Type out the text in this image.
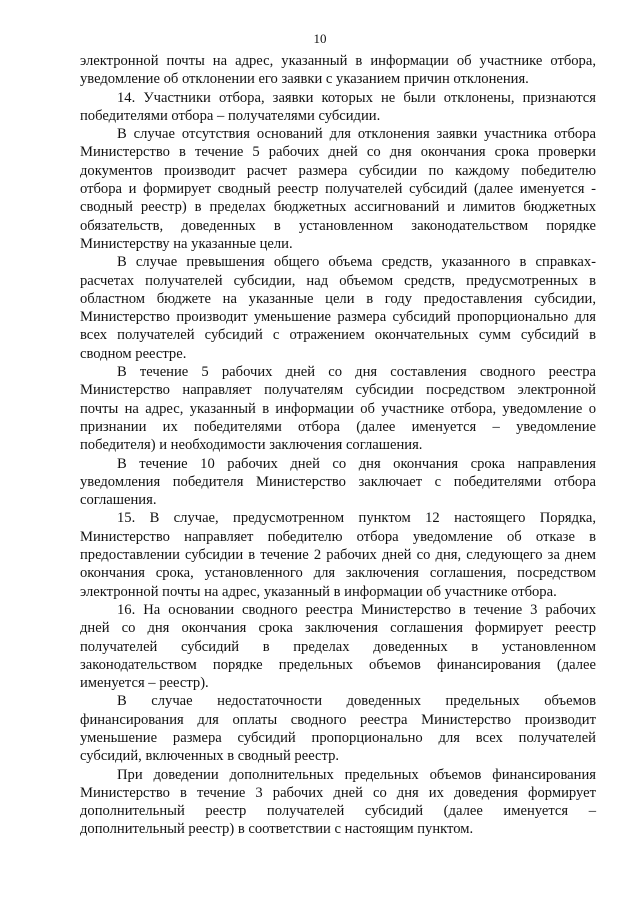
10
электронной почты на адрес, указанный в информации об участнике отбора,
уведомление об отклонении его заявки с указанием причин отклонения.
14. Участники отбора, заявки которых не были отклонены, признаются
победителями отбора – получателями субсидии.
В случае отсутствия оснований для отклонения заявки участника отбора
Министерство в течение 5 рабочих дней со дня окончания срока проверки
документов производит расчет размера субсидии по каждому победителю
отбора и формирует сводный реестр получателей субсидий (далее именуется -
сводный реестр) в пределах бюджетных ассигнований и лимитов бюджетных
обязательств, доведенных в установленном законодательством порядке
Министерству на указанные цели.
В случае превышения общего объема средств, указанного в справках-
расчетах получателей субсидии, над объемом средств, предусмотренных в
областном бюджете на указанные цели в году предоставления субсидии,
Министерство производит уменьшение размера субсидий пропорционально для
всех получателей субсидий с отражением окончательных сумм субсидий в
сводном реестре.
В течение 5 рабочих дней со дня составления сводного реестра
Министерство направляет получателям субсидии посредством электронной
почты на адрес, указанный в информации об участнике отбора, уведомление о
признании их победителями отбора (далее именуется – уведомление
победителя) и необходимости заключения соглашения.
В течение 10 рабочих дней со дня окончания срока направления
уведомления победителя Министерство заключает с победителями отбора
соглашения.
15. В случае, предусмотренном пунктом 12 настоящего Порядка,
Министерство направляет победителю отбора уведомление об отказе в
предоставлении субсидии в течение 2 рабочих дней со дня, следующего за днем
окончания срока, установленного для заключения соглашения, посредством
электронной почты на адрес, указанный в информации об участнике отбора.
16. На основании сводного реестра Министерство в течение 3 рабочих
дней со дня окончания срока заключения соглашения формирует реестр
получателей субсидий в пределах доведенных в установленном
законодательством порядке предельных объемов финансирования (далее
именуется – реестр).
В случае недостаточности доведенных предельных объемов
финансирования для оплаты сводного реестра Министерство производит
уменьшение размера субсидий пропорционально для всех получателей
субсидий, включенных в сводный реестр.
При доведении дополнительных предельных объемов финансирования
Министерство в течение 3 рабочих дней со дня их доведения формирует
дополнительный реестр получателей субсидий (далее именуется –
дополнительный реестр) в соответствии с настоящим пунктом.
